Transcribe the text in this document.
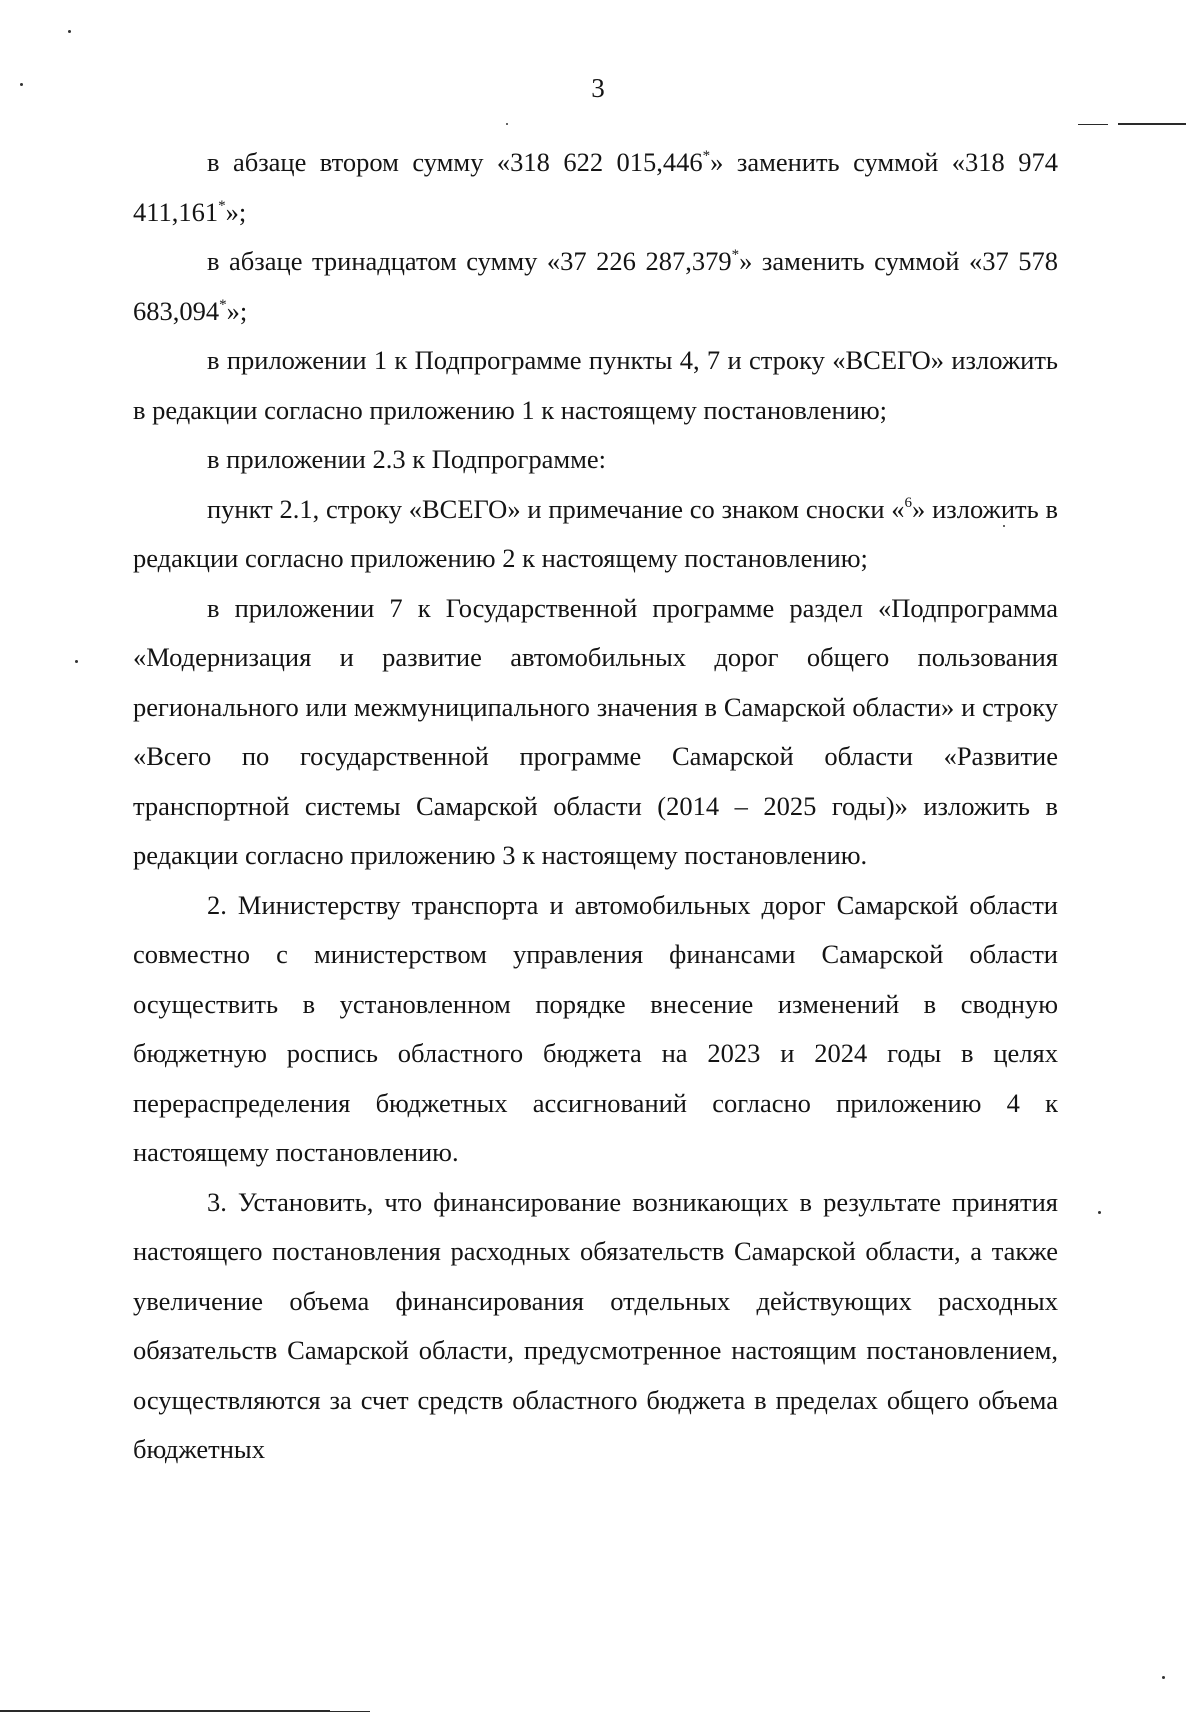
3

в абзаце втором сумму «318 622 015,446*» заменить суммой «318 974 411,161*»;

в абзаце тринадцатом сумму «37 226 287,379*» заменить суммой «37 578 683,094*»;

в приложении 1 к Подпрограмме пункты 4, 7 и строку «ВСЕГО» изложить в редакции согласно приложению 1 к настоящему постановлению;

в приложении 2.3 к Подпрограмме:

пункт 2.1, строку «ВСЕГО» и примечание со знаком сноски «$^6$» изложить в редакции согласно приложению 2 к настоящему постановлению;

в приложении 7 к Государственной программе раздел «Подпрограмма «Модернизация и развитие автомобильных дорог общего пользования регионального или межмуниципального значения в Самарской области» и строку «Всего по государственной программе Самарской области «Развитие транспортной системы Самарской области (2014 – 2025 годы)» изложить в редакции согласно приложению 3 к настоящему постановлению.

2. Министерству транспорта и автомобильных дорог Самарской области совместно с министерством управления финансами Самарской области осуществить в установленном порядке внесение изменений в сводную бюджетную роспись областного бюджета на 2023 и 2024 годы в целях перераспределения бюджетных ассигнований согласно приложению 4 к настоящему постановлению.

3. Установить, что финансирование возникающих в результате принятия настоящего постановления расходных обязательств Самарской области, а также увеличение объема финансирования отдельных действующих расходных обязательств Самарской области, предусмотренное настоящим постановлением, осуществляются за счет средств областного бюджета в пределах общего объема бюджетных
